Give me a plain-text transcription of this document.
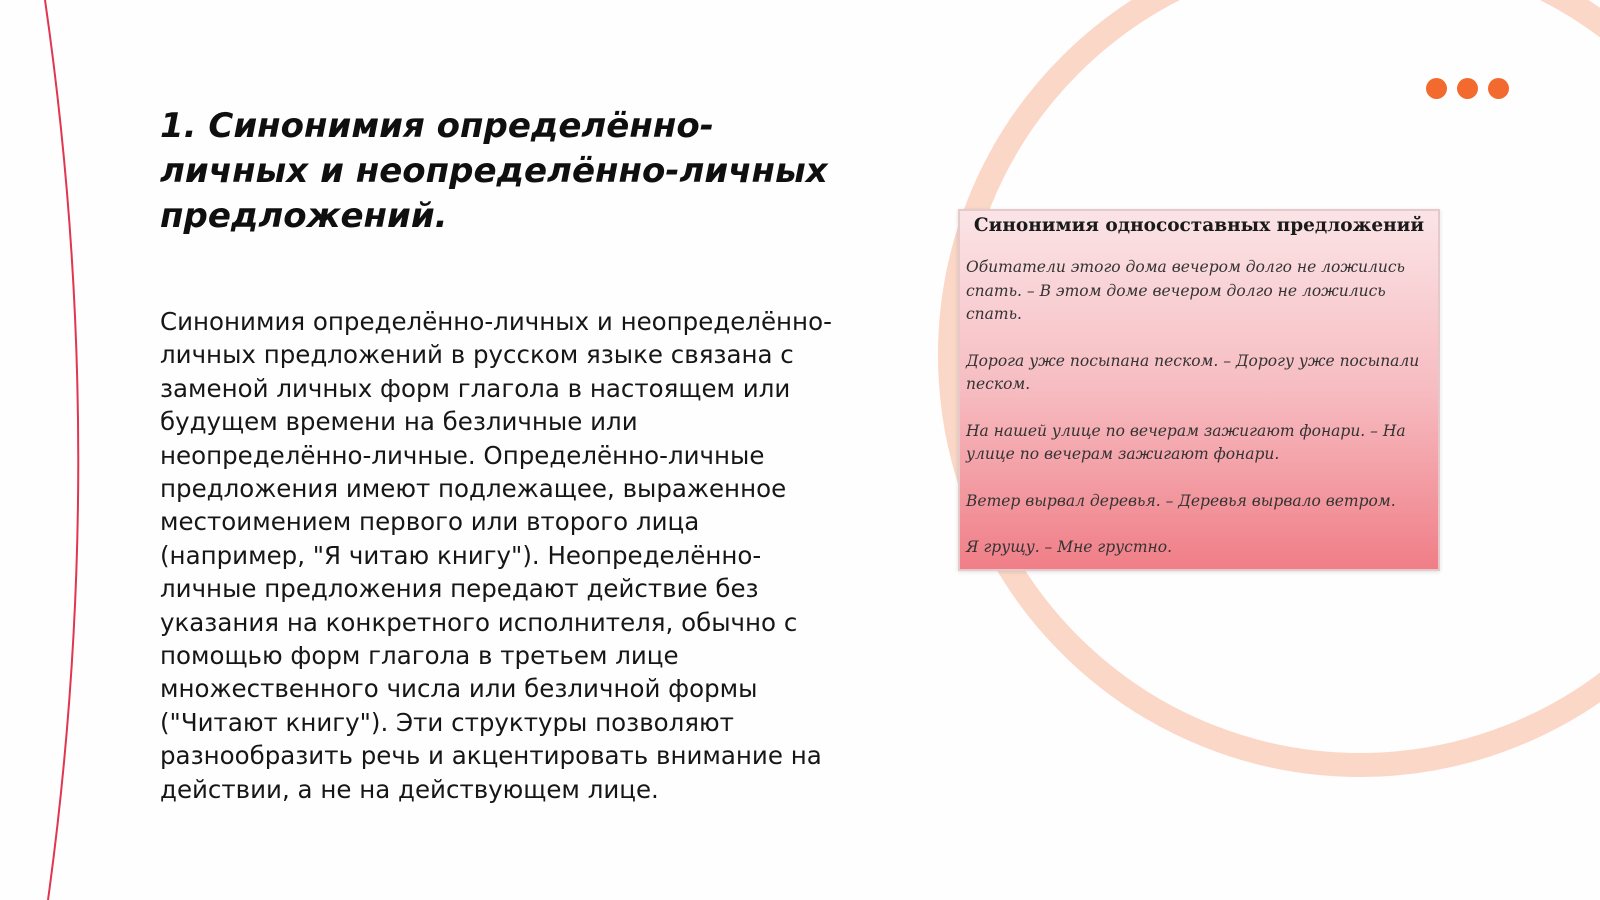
1. Синонимия определённо-личных и неопределённо-личных предложений.

Синонимия определённо-личных и неопределённо-личных предложений в русском языке связана с заменой личных форм глагола в настоящем или будущем времени на безличные или неопределённо-личные. Определённо-личные предложения имеют подлежащее, выраженное местоимением первого или второго лица (например, "Я читаю книгу"). Неопределённо-личные предложения передают действие без указания на конкретного исполнителя, обычно с помощью форм глагола в третьем лице множественного числа или безличной формы ("Читают книгу"). Эти структуры позволяют разнообразить речь и акцентировать внимание на действии, а не на действующем лице.

Синонимия односоставных предложений
Обитатели этого дома вечером долго не ложились спать. – В этом доме вечером долго не ложились спать.
Дорога уже посыпана песком. – Дорогу уже посыпали песком.
На нашей улице по вечерам зажигают фонари. – На улице по вечерам зажигают фонари.
Ветер вырвал деревья. – Деревья вырвало ветром.
Я грущу. – Мне грустно.
